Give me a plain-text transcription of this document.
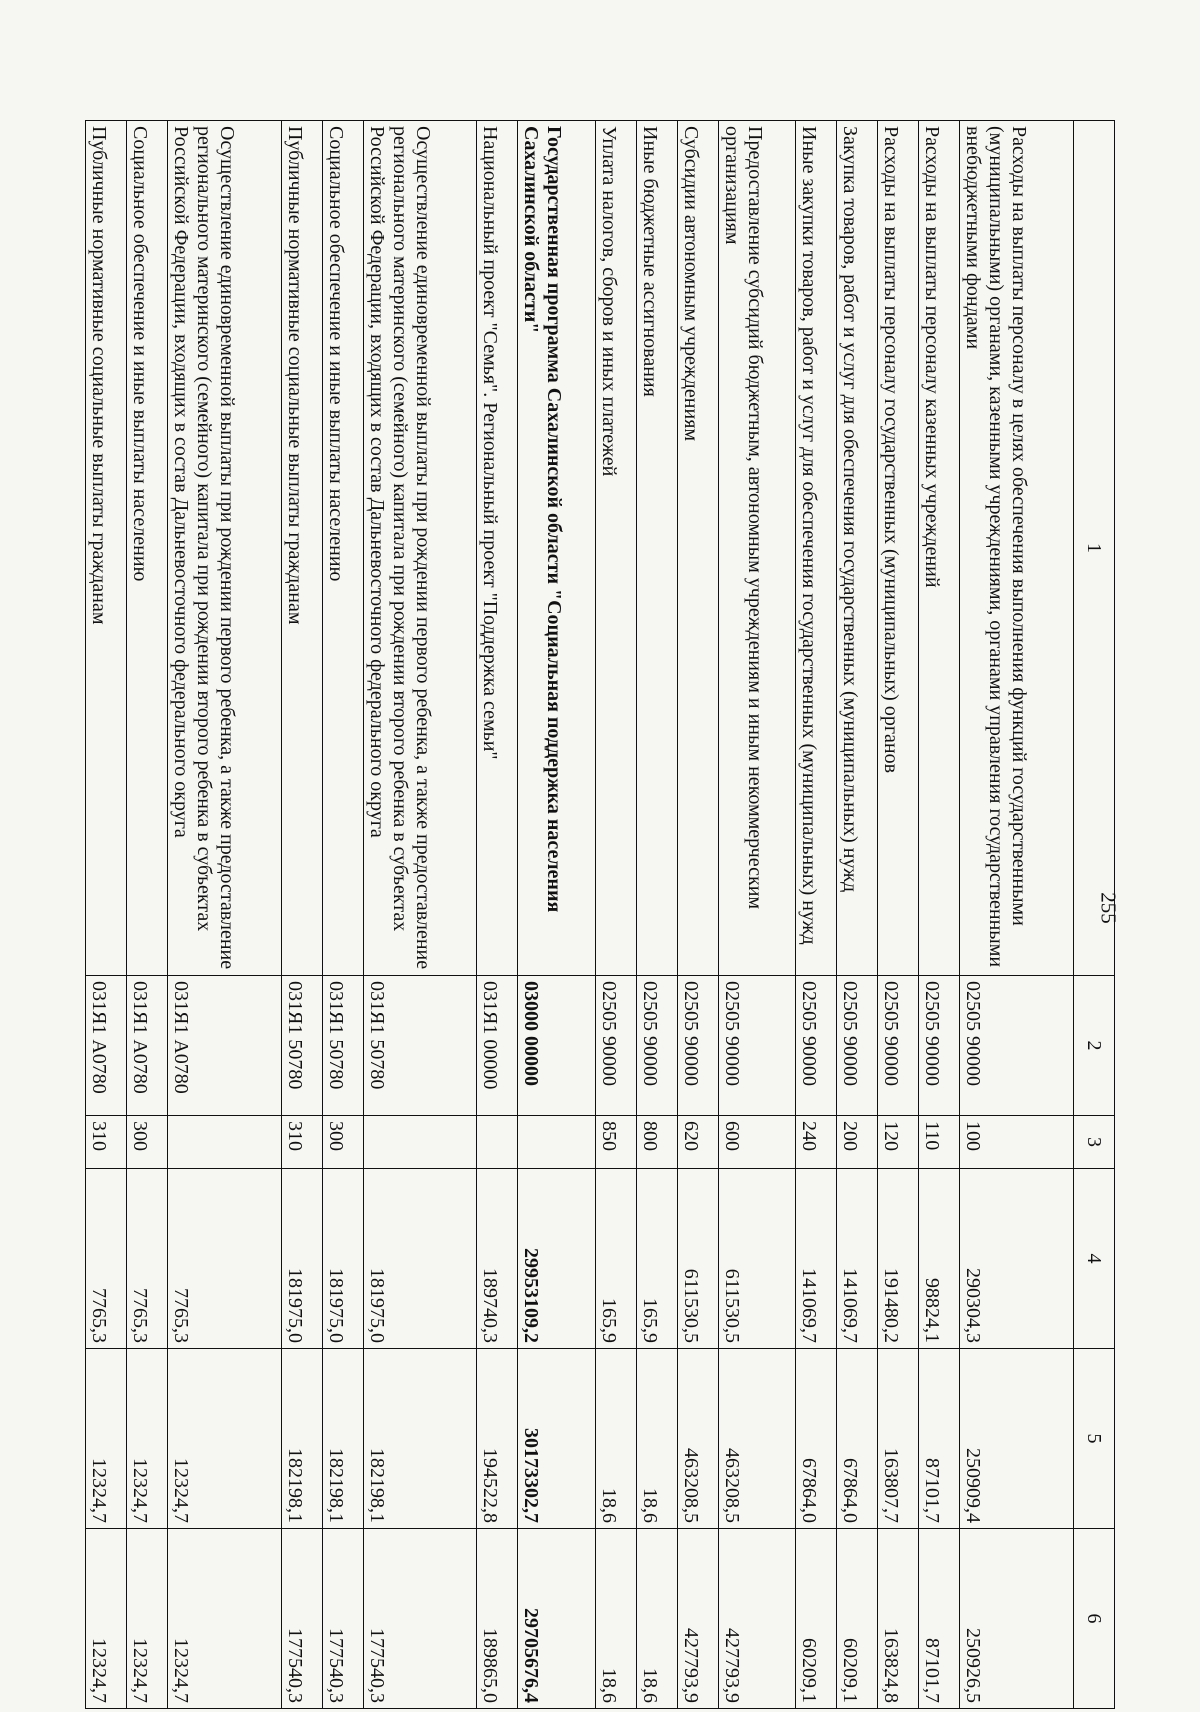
255
1	2	3	4	5	6
Расходы на выплаты персоналу в целях обеспечения выполнения функций государственными (муниципальными) органами, казенными учреждениями, органами управления государственными внебюджетными фондами	02505 90000	100	290304,3	250909,4	250926,5
Расходы на выплаты персоналу казенных учреждений	02505 90000	110	98824,1	87101,7	87101,7
Расходы на выплаты персоналу государственных (муниципальных) органов	02505 90000	120	191480,2	163807,7	163824,8
Закупка товаров, работ и услуг для обеспечения государственных (муниципальных) нужд	02505 90000	200	141069,7	67864,0	60209,1
Иные закупки товаров, работ и услуг для обеспечения государственных (муниципальных) нужд	02505 90000	240	141069,7	67864,0	60209,1
Предоставление субсидий бюджетным, автономным учреждениям и иным некоммерческим организациям	02505 90000	600	611530,5	463208,5	427793,9
Субсидии автономным учреждениям	02505 90000	620	611530,5	463208,5	427793,9
Иные бюджетные ассигнования	02505 90000	800	165,9	18,6	18,6
Уплата налогов, сборов и иных платежей	02505 90000	850	165,9	18,6	18,6
Государственная программа Сахалинской области "Социальная поддержка населения Сахалинской области"	03000 00000		29953109,2	30173302,7	29705676,4
Национальный проект "Семья". Региональный проект "Поддержка семьи"	031Я1 00000		189740,3	194522,8	189865,0
Осуществление единовременной выплаты при рождении первого ребенка, а также предоставление регионального материнского (семейного) капитала при рождении второго ребенка в субъектах Российской Федерации, входящих в состав Дальневосточного федерального округа	031Я1 50780		181975,0	182198,1	177540,3
Социальное обеспечение и иные выплаты населению	031Я1 50780	300	181975,0	182198,1	177540,3
Публичные нормативные социальные выплаты гражданам	031Я1 50780	310	181975,0	182198,1	177540,3
Осуществление единовременной выплаты при рождении первого ребенка, а также предоставление регионального материнского (семейного) капитала при рождении второго ребенка в субъектах Российской Федерации, входящих в состав Дальневосточного федерального округа	031Я1 А0780		7765,3	12324,7	12324,7
Социальное обеспечение и иные выплаты населению	031Я1 А0780	300	7765,3	12324,7	12324,7
Публичные нормативные социальные выплаты гражданам	031Я1 А0780	310	7765,3	12324,7	12324,7
